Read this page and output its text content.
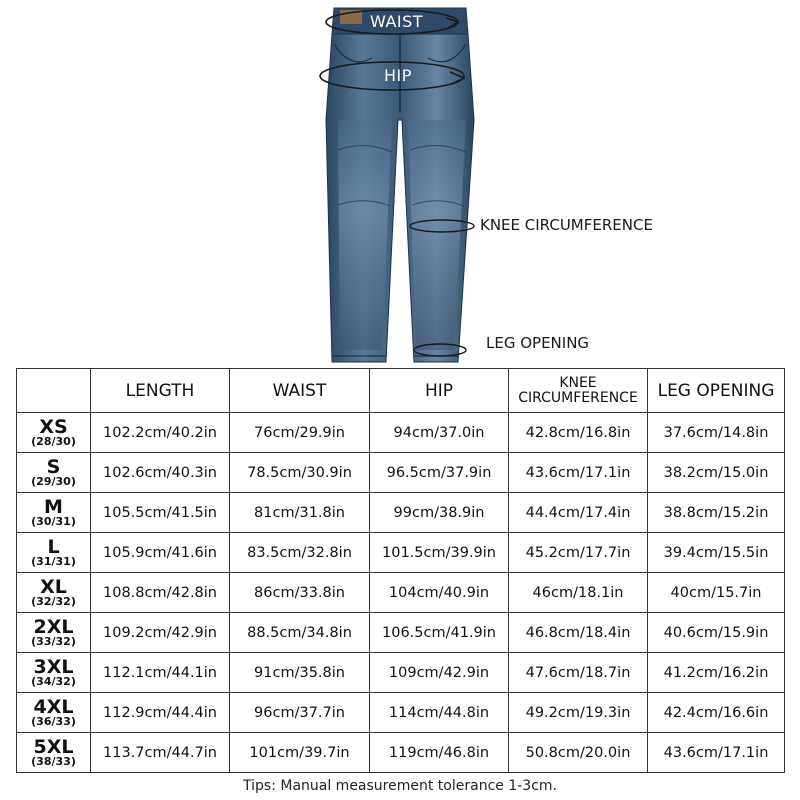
WAIST
HIP
KNEE CIRCUMFERENCE
LEG OPENING
	LENGTH	WAIST	HIP	KNEE CIRCUMFERENCE	LEG OPENING

XS
(28/30)	102.2cm/40.2in	76cm/29.9in	94cm/37.0in	42.8cm/16.8in	37.6cm/14.8in

S
(29/30)	102.6cm/40.3in	78.5cm/30.9in	96.5cm/37.9in	43.6cm/17.1in	38.2cm/15.0in

M
(30/31)	105.5cm/41.5in	81cm/31.8in	99cm/38.9in	44.4cm/17.4in	38.8cm/15.2in

L
(31/31)	105.9cm/41.6in	83.5cm/32.8in	101.5cm/39.9in	45.2cm/17.7in	39.4cm/15.5in

XL
(32/32)	108.8cm/42.8in	86cm/33.8in	104cm/40.9in	46cm/18.1in	40cm/15.7in

2XL
(33/32)	109.2cm/42.9in	88.5cm/34.8in	106.5cm/41.9in	46.8cm/18.4in	40.6cm/15.9in

3XL
(34/32)	112.1cm/44.1in	91cm/35.8in	109cm/42.9in	47.6cm/18.7in	41.2cm/16.2in

4XL
(36/33)	112.9cm/44.4in	96cm/37.7in	114cm/44.8in	49.2cm/19.3in	42.4cm/16.6in

5XL
(38/33)	113.7cm/44.7in	101cm/39.7in	119cm/46.8in	50.8cm/20.0in	43.6cm/17.1in
Tips: Manual measurement tolerance 1-3cm.
